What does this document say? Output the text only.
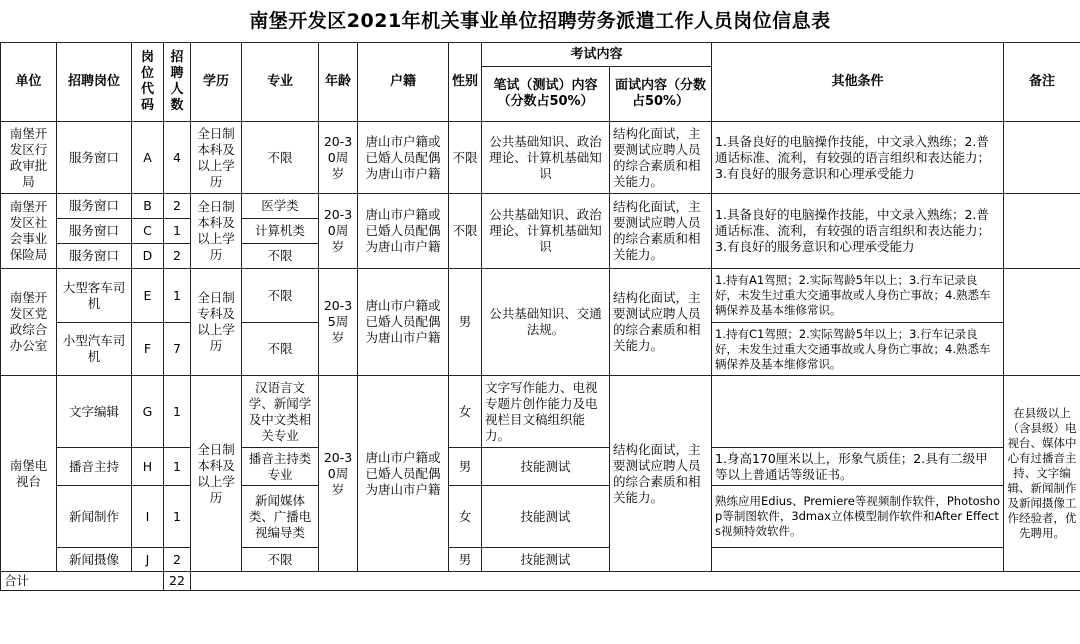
南堡开发区2021年机关事业单位招聘劳务派遣工作人员岗位信息表
单位	招聘岗位	岗位代码	招聘人数	学历	专业	年龄	户籍	性别	考试内容		其他条件	备注
									笔试（测试）内容（分数占50%）	面试内容（分数占50%）		
南堡开发区行政审批局	服务窗口	A	4	全日制本科及以上学历	不限	20-30周岁	唐山市户籍或已婚人员配偶为唐山市户籍	不限	公共基础知识、政治理论、计算机基础知识	结构化面试，主要测试应聘人员的综合素质和相关能力。	1.具备良好的电脑操作技能，中文录入熟练；2.普通话标准、流利，有较强的语言组织和表达能力；3.有良好的服务意识和心理承受能力	
南堡开发区社会事业保险局	服务窗口	B	2	全日制本科及以上学历	医学类	20-30周岁	唐山市户籍或已婚人员配偶为唐山市户籍	不限	公共基础知识、政治理论、计算机基础知识	结构化面试，主要测试应聘人员的综合素质和相关能力。	1.具备良好的电脑操作技能，中文录入熟练；2.普通话标准、流利，有较强的语言组织和表达能力；3.有良好的服务意识和心理承受能力	
	服务窗口	C	1		计算机类							
	服务窗口	D	2		不限							
南堡开发区党政综合办公室	大型客车司机	E	1	全日制专科及以上学历	不限	20-35周岁	唐山市户籍或已婚人员配偶为唐山市户籍	男	公共基础知识、交通法规。	结构化面试，主要测试应聘人员的综合素质和相关能力。	1.持有A1驾照；2.实际驾龄5年以上；3.行车记录良好，未发生过重大交通事故或人身伤亡事故；4.熟悉车辆保养及基本维修常识。	
	小型汽车司机	F	7		不限						1.持有C1驾照；2.实际驾龄5年以上；3.行车记录良好，未发生过重大交通事故或人身伤亡事故；4.熟悉车辆保养及基本维修常识。	
南堡电视台	文字编辑	G	1	全日制本科及以上学历	汉语言文学、新闻学及中文类相关专业	20-30周岁	唐山市户籍或已婚人员配偶为唐山市户籍	女	文字写作能力、电视专题片创作能力及电视栏目文稿组织能力。	结构化面试，主要测试应聘人员的综合素质和相关能力。		在县级以上（含县级）电视台、媒体中心有过播音主持、文字编辑、新闻制作及新闻摄像工作经验者，优先聘用。
	播音主持	H	1		播音主持类专业			男	技能测试		1.身高170厘米以上，形象气质佳；2.具有二级甲等以上普通话等级证书。	
	新闻制作	I	1		新闻媒体类、广播电视编导类			女	技能测试		熟练应用Edius、Premiere等视频制作软件，Photoshop等制图软件，3dmax立体模型制作软件和After Effects视频特效软件。	
	新闻摄像	J	2		不限			男	技能测试			
合计			22									
